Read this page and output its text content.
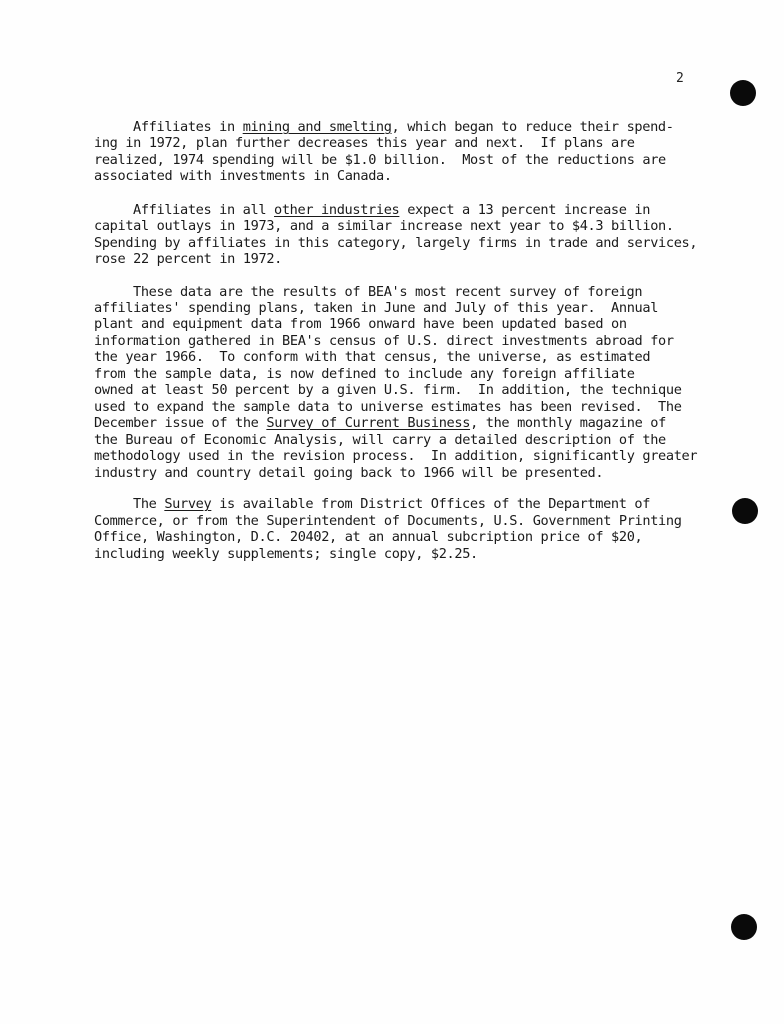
2

Affiliates in mining and smelting, which began to reduce their spend-

ing in 1972, plan further decreases this year and next.  If plans are

realized, 1974 spending will be $1.0 billion.  Most of the reductions are

associated with investments in Canada.

Affiliates in all other industries expect a 13 percent increase in

capital outlays in 1973, and a similar increase next year to $4.3 billion.

Spending by affiliates in this category, largely firms in trade and services,

rose 22 percent in 1972.

These data are the results of BEA's most recent survey of foreign

affiliates' spending plans, taken in June and July of this year.  Annual

plant and equipment data from 1966 onward have been updated based on

information gathered in BEA's census of U.S. direct investments abroad for

the year 1966.  To conform with that census, the universe, as estimated

from the sample data, is now defined to include any foreign affiliate

owned at least 50 percent by a given U.S. firm.  In addition, the technique

used to expand the sample data to universe estimates has been revised.  The

December issue of the Survey of Current Business, the monthly magazine of

the Bureau of Economic Analysis, will carry a detailed description of the

methodology used in the revision process.  In addition, significantly greater

industry and country detail going back to 1966 will be presented.

The Survey is available from District Offices of the Department of

Commerce, or from the Superintendent of Documents, U.S. Government Printing

Office, Washington, D.C. 20402, at an annual subcription price of $20,

including weekly supplements; single copy, $2.25.
